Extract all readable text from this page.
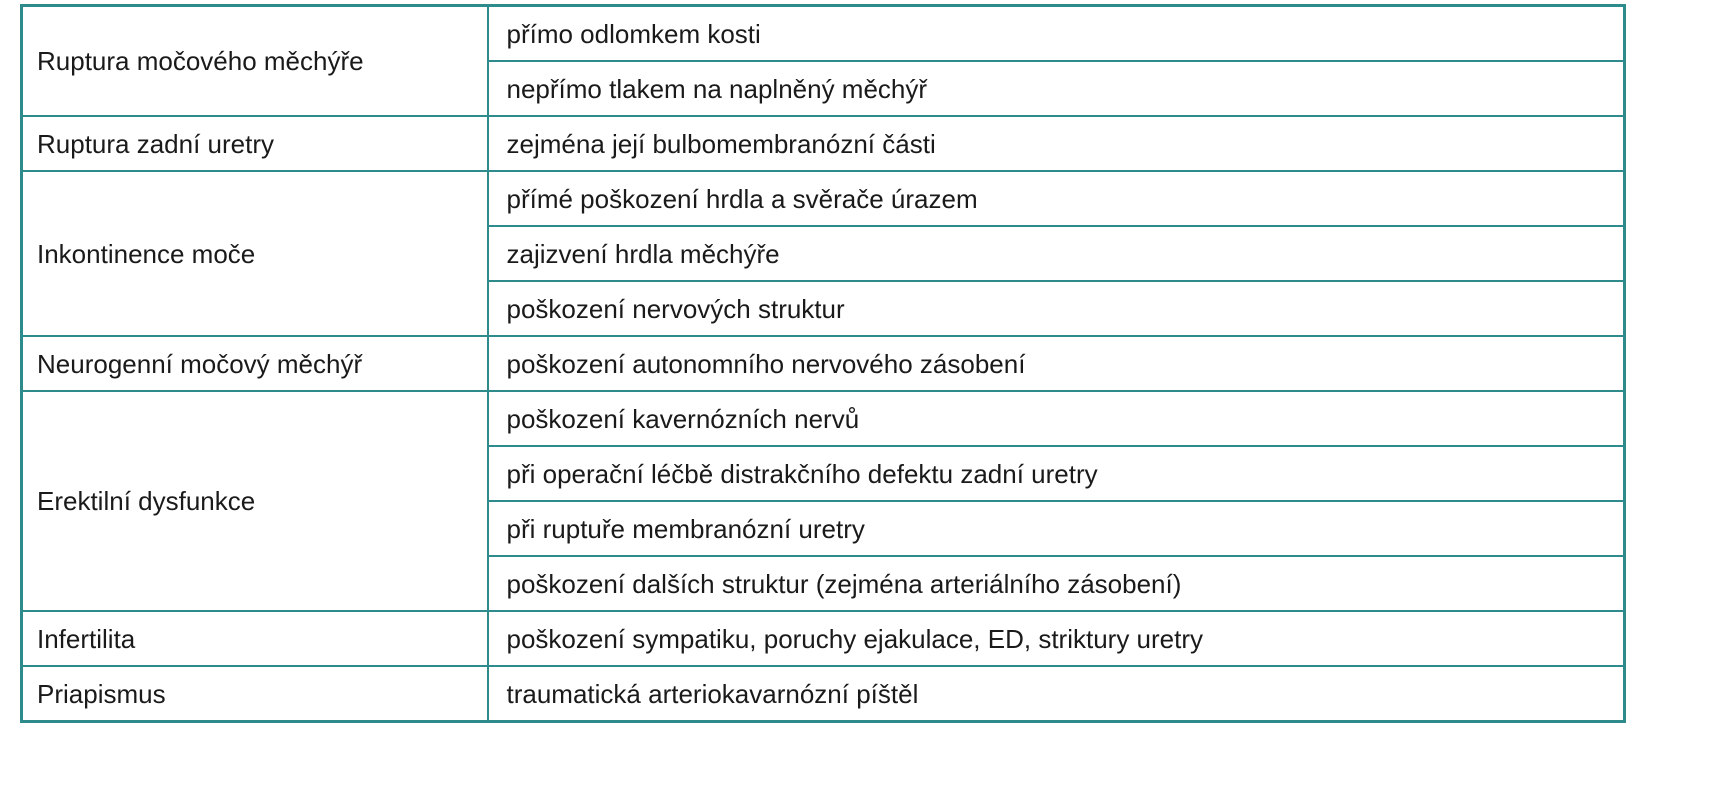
Ruptura močového měchýře	přímo odlomkem kosti
	nepřímo tlakem na naplněný měchýř
Ruptura zadní uretry	zejména její bulbomembranózní části
Inkontinence moče	přímé poškození hrdla a svěrače úrazem
	zajizvení hrdla měchýře
	poškození nervových struktur
Neurogenní močový měchýř	poškození autonomního nervového zásobení
Erektilní dysfunkce	poškození kavernózních nervů
	při operační léčbě distrakčního defektu zadní uretry
	při ruptuře membranózní uretry
	poškození dalších struktur (zejména arteriálního zásobení)
Infertilita	poškození sympatiku, poruchy ejakulace, ED, striktury uretry
Priapismus	traumatická arteriokavarnózní píštěl
